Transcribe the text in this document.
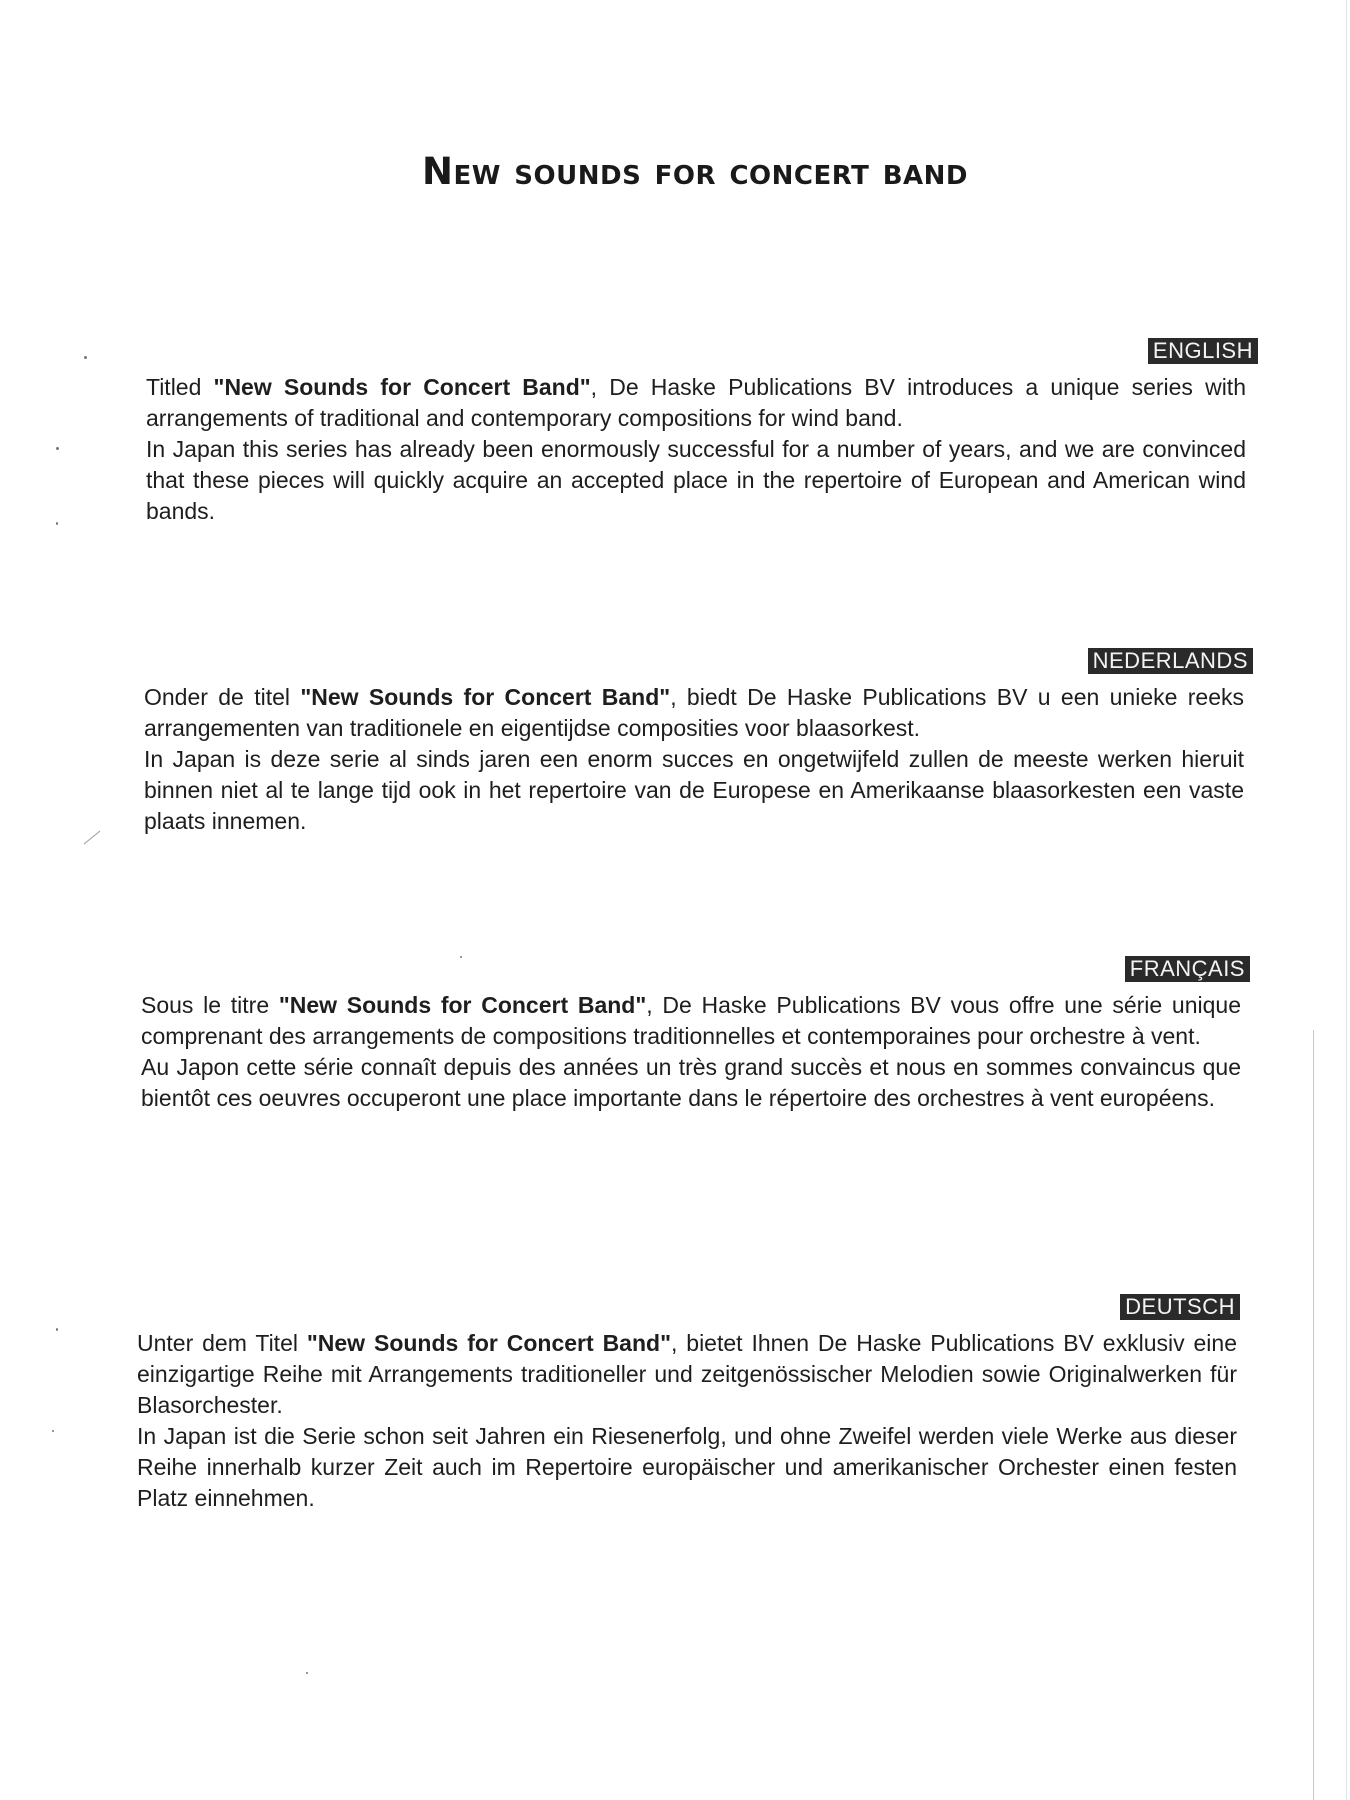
New sounds for concert band
ENGLISH

Titled "New Sounds for Concert Band", De Haske Publications BV introduces a unique series with arrangements of traditional and contemporary compositions for wind band.

In Japan this series has already been enormously successful for a number of years, and we are convinced that these pieces will quickly acquire an accepted place in the repertoire of European and American wind bands.

NEDERLANDS

Onder de titel "New Sounds for Concert Band", biedt De Haske Publications BV u een unieke reeks arrangementen van traditionele en eigentijdse composities voor blaasorkest.

In Japan is deze serie al sinds jaren een enorm succes en ongetwijfeld zullen de meeste werken hieruit binnen niet al te lange tijd ook in het repertoire van de Europese en Amerikaanse blaasorkesten een vaste plaats innemen.

FRANÇAIS

Sous le titre "New Sounds for Concert Band", De Haske Publications BV vous offre une série unique comprenant des arrangements de compositions traditionnelles et contemporaines pour orchestre à vent.

Au Japon cette série connaît depuis des années un très grand succès et nous en sommes convaincus que bientôt ces oeuvres occuperont une place importante dans le répertoire des orchestres à vent européens.

DEUTSCH

Unter dem Titel "New Sounds for Concert Band", bietet Ihnen De Haske Publications BV exklusiv eine einzigartige Reihe mit Arrangements traditioneller und zeitgenössischer Melodien sowie Originalwerken für Blasorchester.

In Japan ist die Serie schon seit Jahren ein Riesenerfolg, und ohne Zweifel werden viele Werke aus dieser Reihe innerhalb kurzer Zeit auch im Repertoire europäischer und amerikanischer Orchester einen festen Platz einnehmen.
